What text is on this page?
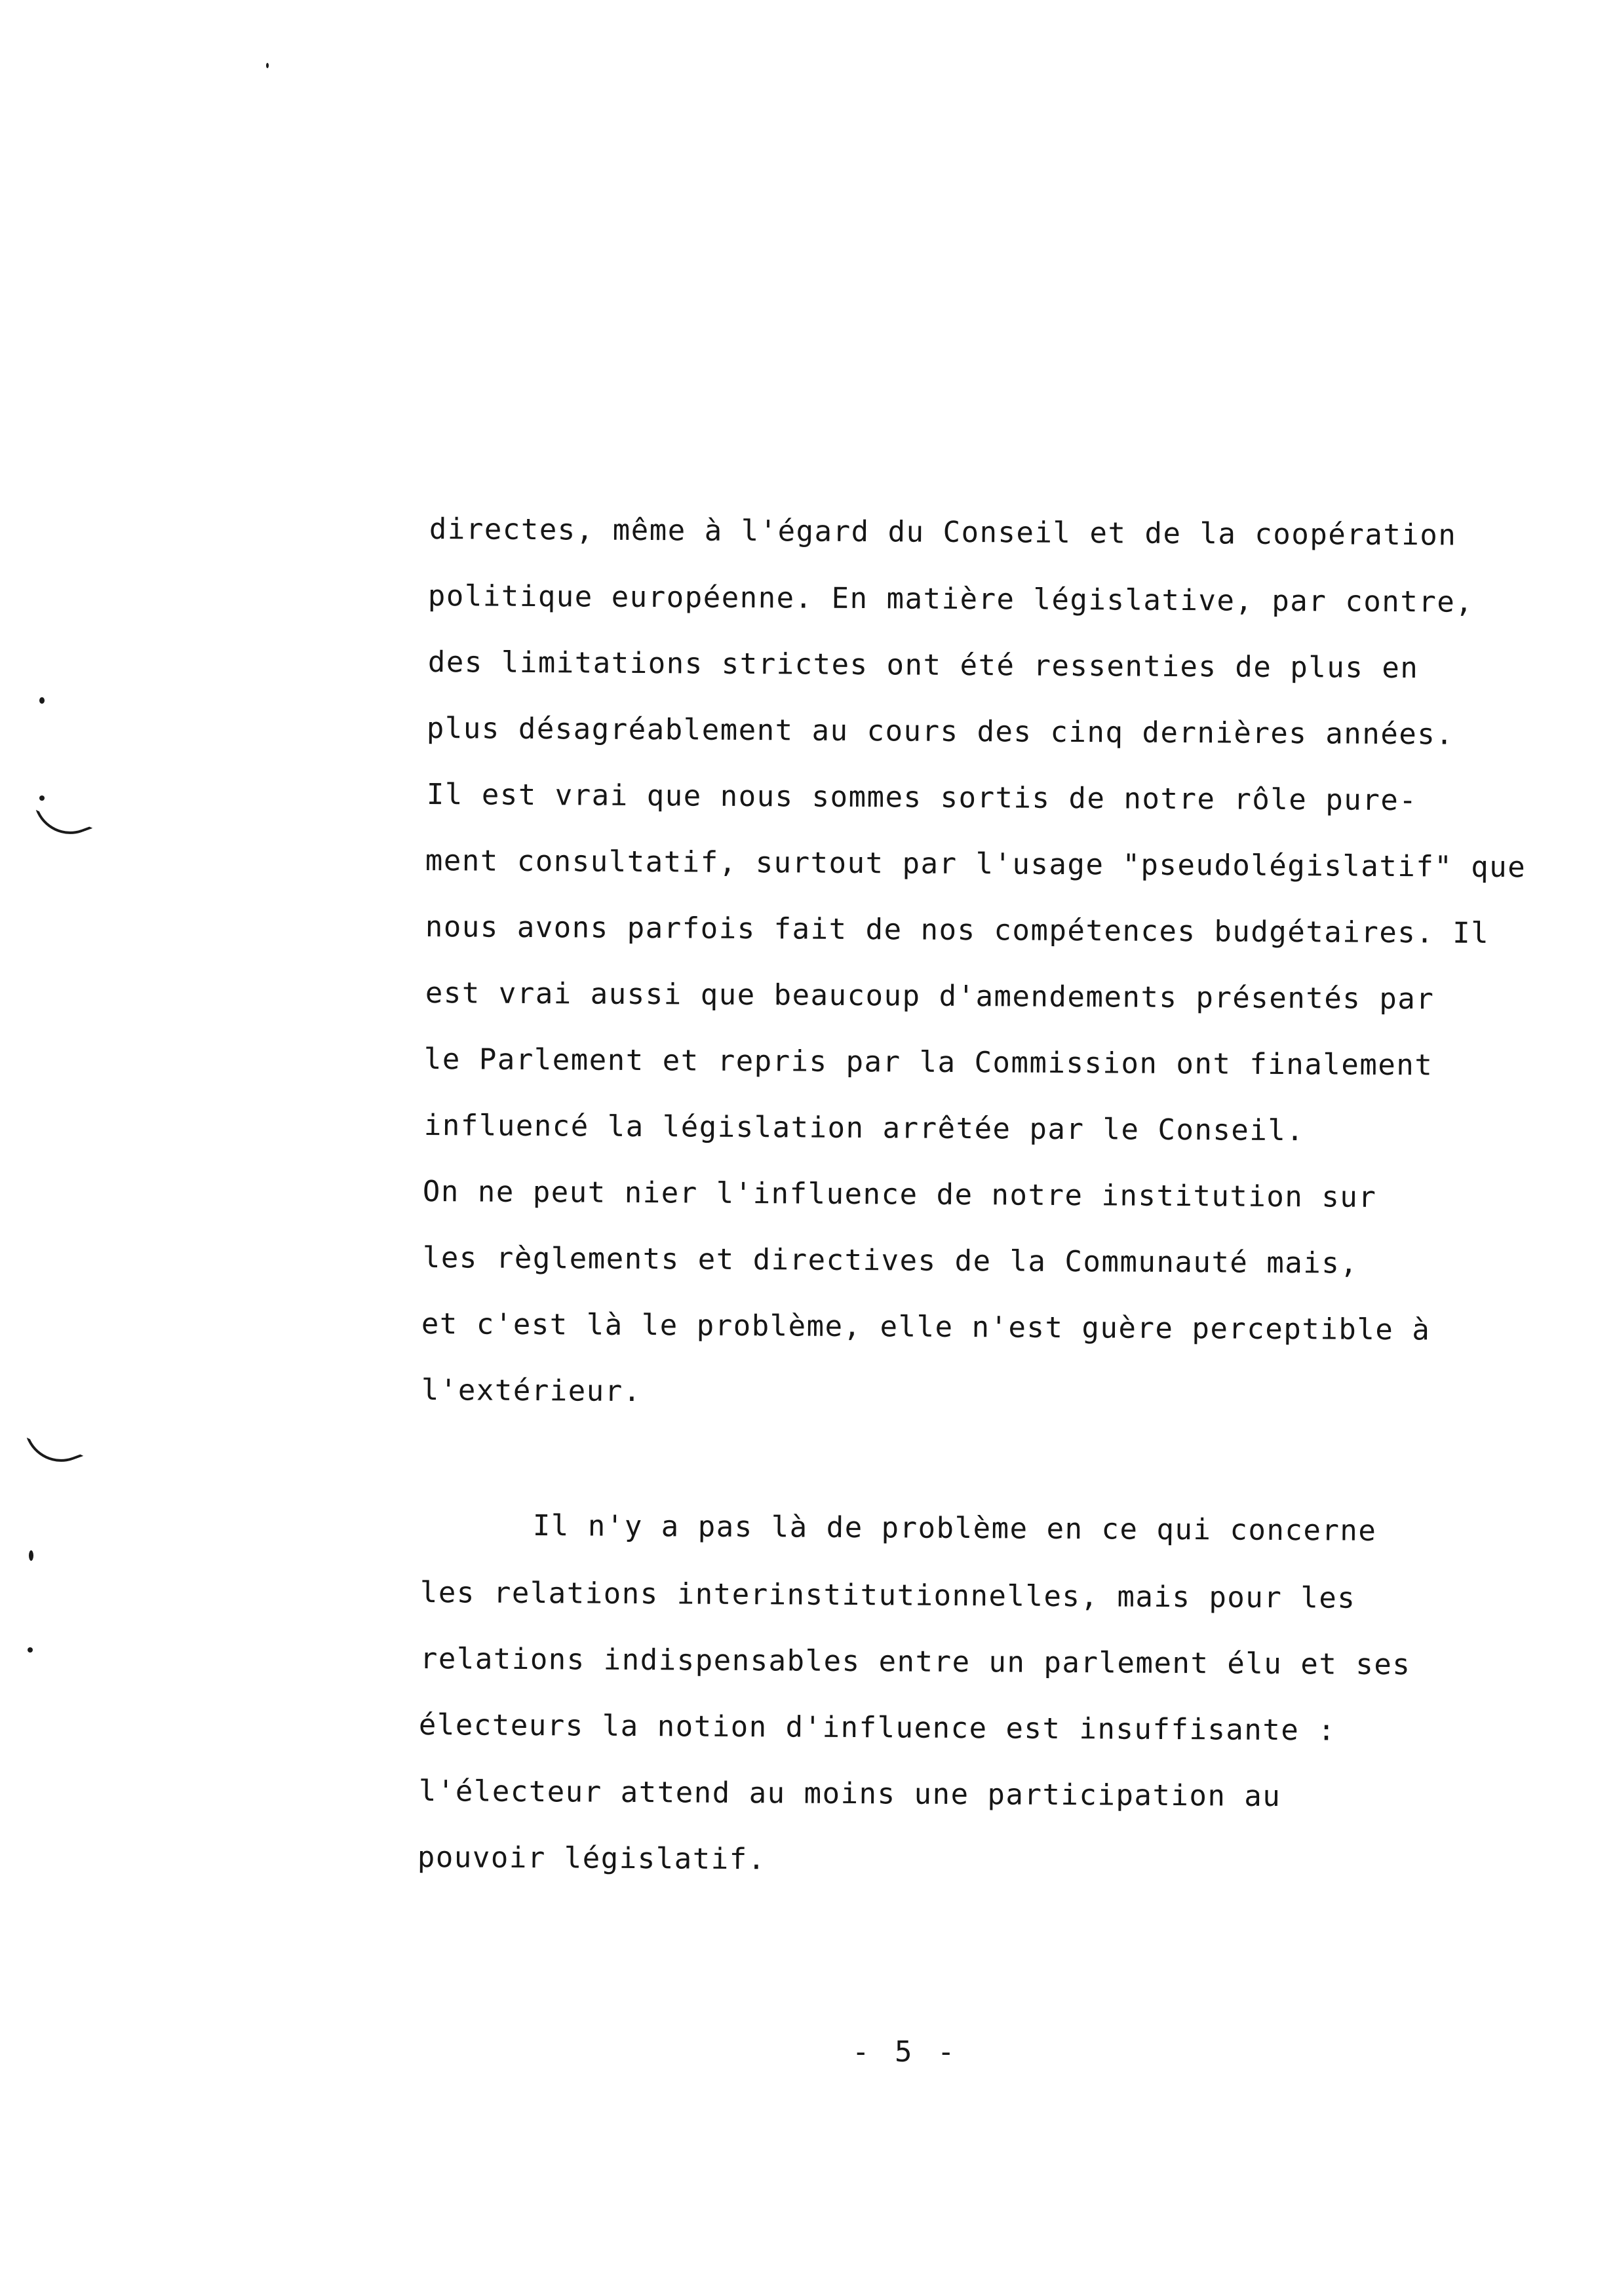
directes, même à l'égard du Conseil et de la coopération
politique européenne. En matière législative, par contre,
des limitations strictes ont été ressenties de plus en
plus désagréablement au cours des cinq dernières années.
Il est vrai que nous sommes sortis de notre rôle pure-
ment consultatif, surtout par l'usage "pseudolégislatif" que
nous avons parfois fait de nos compétences budgétaires. Il
est vrai aussi que beaucoup d'amendements présentés par
le Parlement et repris par la Commission ont finalement
influencé la législation arrêtée par le Conseil.
On ne peut nier l'influence de notre institution sur
les règlements et directives de la Communauté mais,
et c'est là le problème, elle n'est guère perceptible à
l'extérieur.
Il n'y a pas là de problème en ce qui concerne
les relations interinstitutionnelles, mais pour les
relations indispensables entre un parlement élu et ses
électeurs la notion d'influence est insuffisante :
l'électeur attend au moins une participation au
pouvoir législatif.
- 5 -
